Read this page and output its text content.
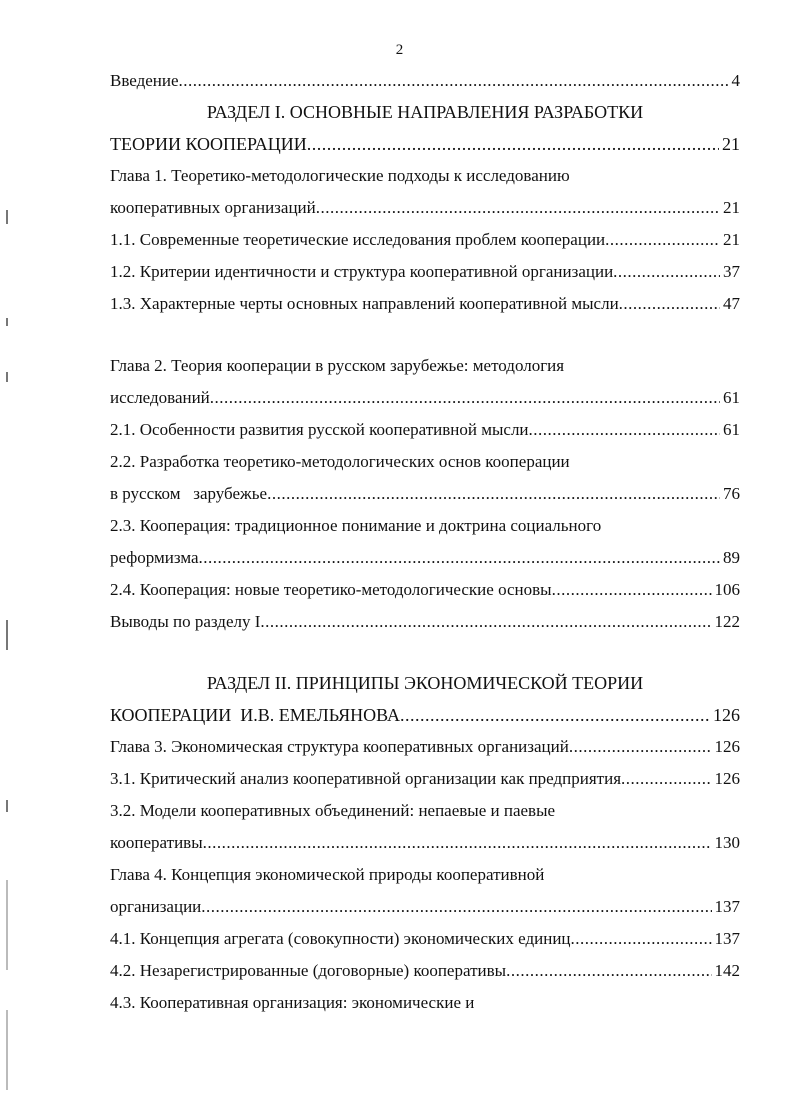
2
Введение .....	4
РАЗДЕЛ I. ОСНОВНЫЕ НАПРАВЛЕНИЯ РАЗРАБОТКИ
ТЕОРИИ КООПЕРАЦИИ .....	21
Глава 1. Теоретико-методологические подходы к исследованию
кооперативных организаций .....	21
1.1. Современные теоретические исследования проблем кооперации .....	21
1.2. Критерии идентичности и структура кооперативной организации .....	37
1.3. Характерные черты основных направлений кооперативной мысли .....	47
Глава 2. Теория кооперации в русском зарубежье: методология
исследований .....	61
2.1. Особенности развития русской кооперативной мысли .....	61
2.2. Разработка теоретико-методологических основ кооперации
в русском   зарубежье .....	76
2.3. Кооперация: традиционное понимание и доктрина социального
реформизма .....	89
2.4. Кооперация: новые теоретико-методологические основы .....	106
Выводы по разделу I .....	122
РАЗДЕЛ II. ПРИНЦИПЫ ЭКОНОМИЧЕСКОЙ ТЕОРИИ
КООПЕРАЦИИ  И.В. ЕМЕЛЬЯНОВА .....	126
Глава 3. Экономическая структура кооперативных организаций .....	126
3.1. Критический анализ кооперативной организации как предприятия .....	126
3.2. Модели кооперативных объединений: непаевые и паевые
кооперативы .....	130
Глава 4. Концепция экономической природы кооперативной
организации .....	137
4.1. Концепция агрегата (совокупности) экономических единиц .....	137
4.2. Незарегистрированные (договорные) кооперативы .....	142
4.3. Кооперативная организация: экономические и
